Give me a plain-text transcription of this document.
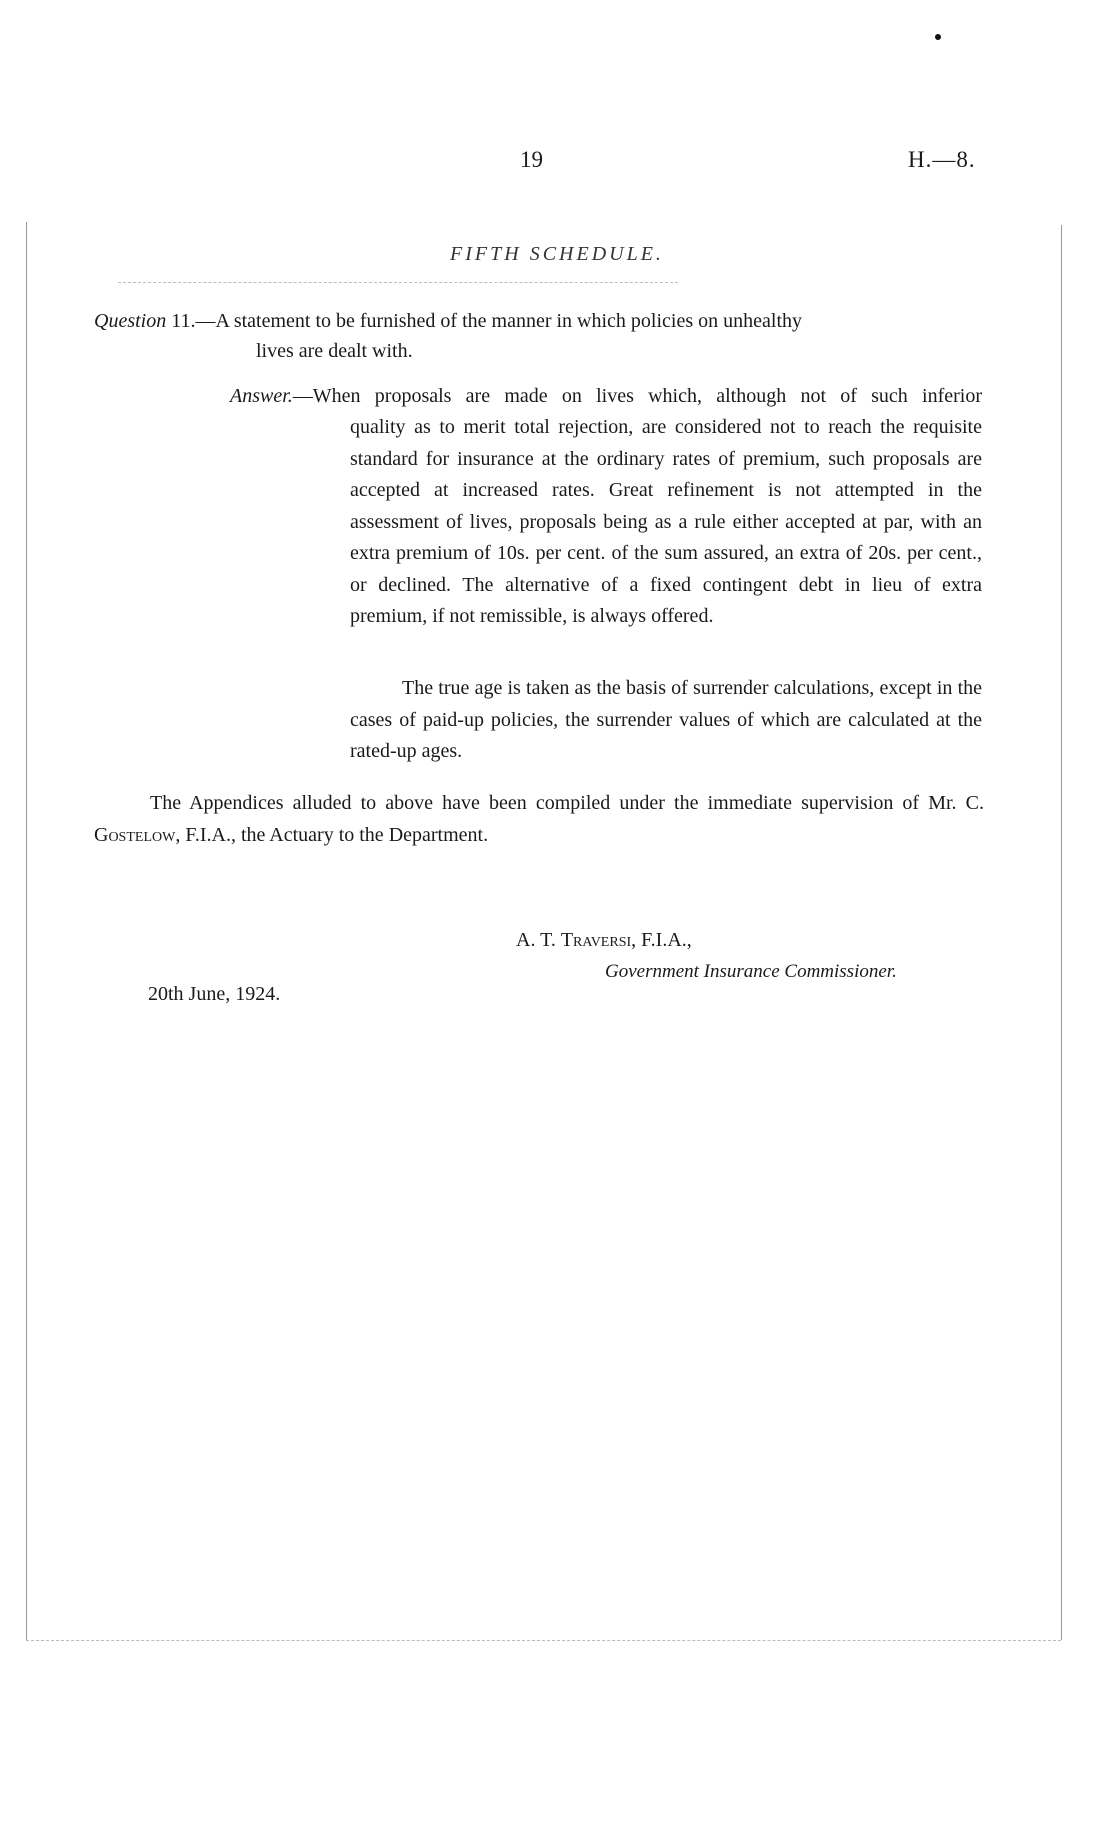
19	H.—8.
FIFTH SCHEDULE.
Question 11.—A statement to be furnished of the manner in which policies on unhealthy
lives are dealt with.
Answer.—When proposals are made on lives which, although not of such inferior
quality as to merit total rejection, are considered not to reach the requisite standard for insurance at the ordinary rates of premium, such proposals are accepted at increased rates. Great refinement is not attempted in the assessment of lives, proposals being as a rule either accepted at par, with an extra premium of 10s. per cent. of the sum assured, an extra of 20s. per cent., or declined. The alternative of a fixed contingent debt in lieu of extra premium, if not remissible, is always offered.
The true age is taken as the basis of surrender calculations, except in the cases of paid-up policies, the surrender values of which are calculated at the rated-up ages.
The Appendices alluded to above have been compiled under the immediate supervision of Mr. C. Gostelow, F.I.A., the Actuary to the Department.
A. T. Traversi, F.I.A.,
Government Insurance Commissioner.
20th June, 1924.
